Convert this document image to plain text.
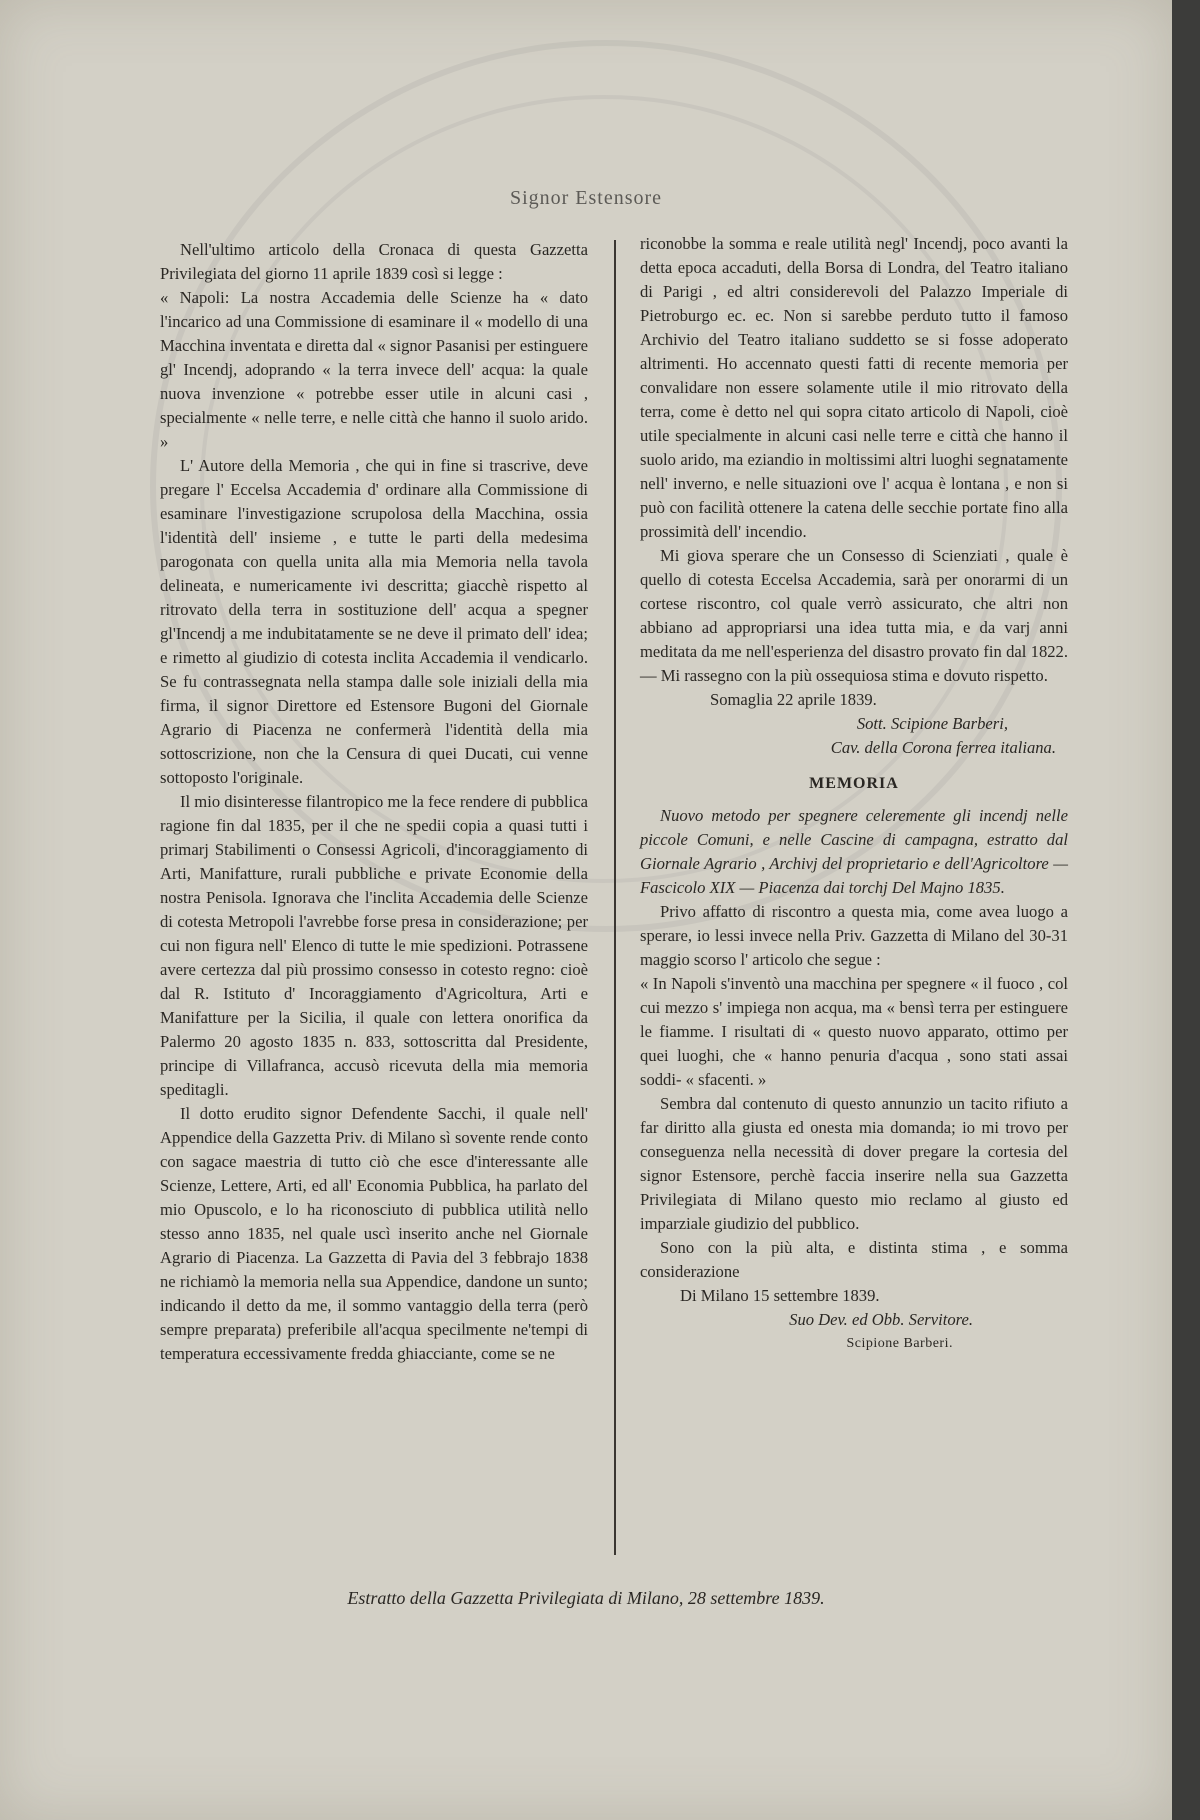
Signor Estensore

Nell'ultimo articolo della Cronaca di questa Gazzetta Privilegiata del giorno 11 aprile 1839 così si legge :

« Napoli: La nostra Accademia delle Scienze ha « dato l'incarico ad una Commissione di esaminare il « modello di una Macchina inventata e diretta dal « signor Pasanisi per estinguere gl' Incendj, adoprando « la terra invece dell' acqua: la quale nuova invenzione « potrebbe esser utile in alcuni casi , specialmente « nelle terre, e nelle città che hanno il suolo arido. »

L' Autore della Memoria , che qui in fine si trascrive, deve pregare l' Eccelsa Accademia d' ordinare alla Commissione di esaminare l'investigazione scrupolosa della Macchina, ossia l'identità dell' insieme , e tutte le parti della medesima parogonata con quella unita alla mia Memoria nella tavola delineata, e numericamente ivi descritta; giacchè rispetto al ritrovato della terra in sostituzione dell' acqua a spegner gl'Incendj a me indubitatamente se ne deve il primato dell' idea; e rimetto al giudizio di cotesta inclita Accademia il vendicarlo. Se fu contrassegnata nella stampa dalle sole iniziali della mia firma, il signor Direttore ed Estensore Bugoni del Giornale Agrario di Piacenza ne confermerà l'identità della mia sottoscrizione, non che la Censura di quei Ducati, cui venne sottoposto l'originale.

Il mio disinteresse filantropico me la fece rendere di pubblica ragione fin dal 1835, per il che ne spedii copia a quasi tutti i primarj Stabilimenti o Consessi Agricoli, d'incoraggiamento di Arti, Manifatture, rurali pubbliche e private Economie della nostra Penisola. Ignorava che l'inclita Accademia delle Scienze di cotesta Metropoli l'avrebbe forse presa in considerazione; per cui non figura nell' Elenco di tutte le mie spedizioni. Potrassene avere certezza dal più prossimo consesso in cotesto regno: cioè dal R. Istituto d' Incoraggiamento d'Agricoltura, Arti e Manifatture per la Sicilia, il quale con lettera onorifica da Palermo 20 agosto 1835 n. 833, sottoscritta dal Presidente, principe di Villafranca, accusò ricevuta della mia memoria speditagli.

Il dotto erudito signor Defendente Sacchi, il quale nell' Appendice della Gazzetta Priv. di Milano sì sovente rende conto con sagace maestria di tutto ciò che esce d'interessante alle Scienze, Lettere, Arti, ed all' Economia Pubblica, ha parlato del mio Opuscolo, e lo ha riconosciuto di pubblica utilità nello stesso anno 1835, nel quale uscì inserito anche nel Giornale Agrario di Piacenza. La Gazzetta di Pavia del 3 febbrajo 1838 ne richiamò la memoria nella sua Appendice, dandone un sunto; indicando il detto da me, il sommo vantaggio della terra (però sempre preparata) preferibile all'acqua specilmente ne'tempi di temperatura eccessivamente fredda ghiacciante, come se ne

riconobbe la somma e reale utilità negl' Incendj, poco avanti la detta epoca accaduti, della Borsa di Londra, del Teatro italiano di Parigi , ed altri considerevoli del Palazzo Imperiale di Pietroburgo ec. ec. Non si sarebbe perduto tutto il famoso Archivio del Teatro italiano suddetto se si fosse adoperato altrimenti. Ho accennato questi fatti di recente memoria per convalidare non essere solamente utile il mio ritrovato della terra, come è detto nel qui sopra citato articolo di Napoli, cioè utile specialmente in alcuni casi nelle terre e città che hanno il suolo arido, ma eziandio in moltissimi altri luoghi segnatamente nell' inverno, e nelle situazioni ove l' acqua è lontana , e non si può con facilità ottenere la catena delle secchie portate fino alla prossimità dell' incendio.

Mi giova sperare che un Consesso di Scienziati , quale è quello di cotesta Eccelsa Accademia, sarà per onorarmi di un cortese riscontro, col quale verrò assicurato, che altri non abbiano ad appropriarsi una idea tutta mia, e da varj anni meditata da me nell'esperienza del disastro provato fin dal 1822. — Mi rassegno con la più ossequiosa stima e dovuto rispetto.

Somaglia 22 aprile 1839.

Sott. Scipione Barberi,

Cav. della Corona ferrea italiana.

MEMORIA

Nuovo metodo per spegnere celeremente gli incendj nelle piccole Comuni, e nelle Cascine di campagna, estratto dal Giornale Agrario , Archivj del proprietario e dell'Agricoltore — Fascicolo XIX — Piacenza dai torchj Del Majno 1835.

Privo affatto di riscontro a questa mia, come avea luogo a sperare, io lessi invece nella Priv. Gazzetta di Milano del 30-31 maggio scorso l' articolo che segue :

« In Napoli s'inventò una macchina per spegnere « il fuoco , col cui mezzo s' impiega non acqua, ma « bensì terra per estinguere le fiamme. I risultati di « questo nuovo apparato, ottimo per quei luoghi, che « hanno penuria d'acqua , sono stati assai soddi- « sfacenti. »

Sembra dal contenuto di questo annunzio un tacito rifiuto a far diritto alla giusta ed onesta mia domanda; io mi trovo per conseguenza nella necessità di dover pregare la cortesia del signor Estensore, perchè faccia inserire nella sua Gazzetta Privilegiata di Milano questo mio reclamo al giusto ed imparziale giudizio del pubblico.

Sono con la più alta, e distinta stima , e somma considerazione

Di Milano 15 settembre 1839.

Suo Dev. ed Obb. Servitore.

Scipione Barberi.

Estratto della Gazzetta Privilegiata di Milano, 28 settembre 1839.
